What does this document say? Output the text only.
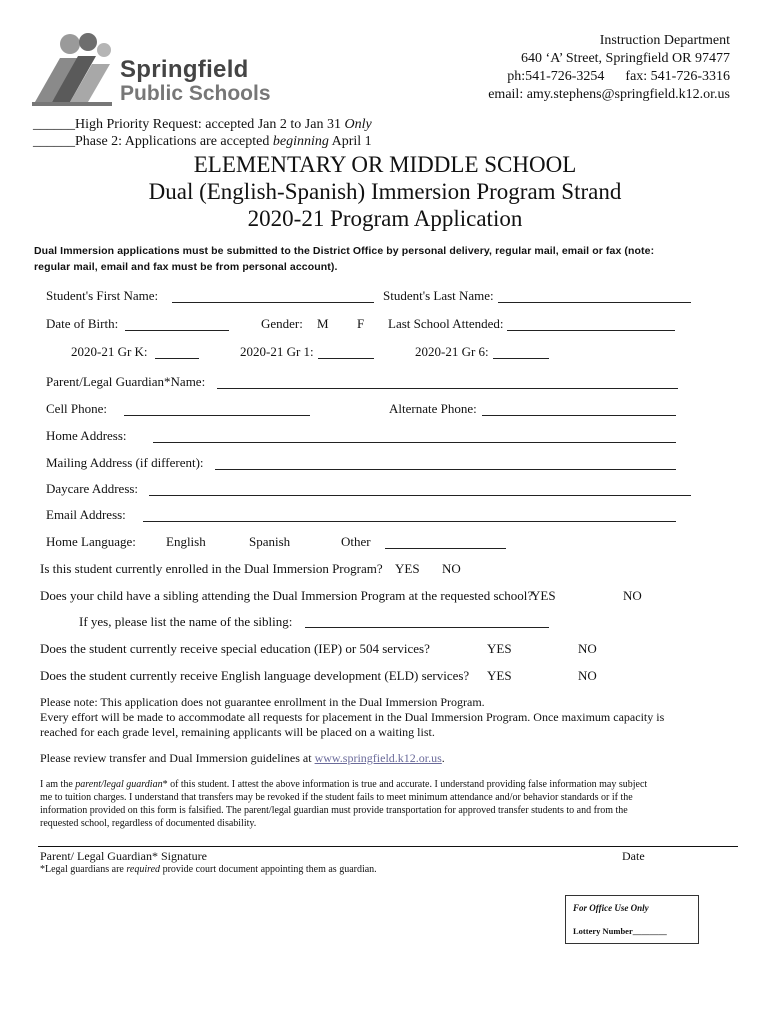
Springfield
Public Schools
Instruction Department
640 ‘A’ Street, Springfield OR 97477
ph:541-726-3254 fax: 541-726-3316
email: amy.stephens@springfield.k12.or.us
______High Priority Request: accepted Jan 2 to Jan 31 Only
______Phase 2: Applications are accepted beginning April 1
ELEMENTARY OR MIDDLE SCHOOL
Dual (English-Spanish) Immersion Program Strand
2020-21 Program Application
Dual Immersion applications must be submitted to the District Office by personal delivery, regular mail, email or fax (note:
regular mail, email and fax must be from personal account).
Student's First Name:	Student's Last Name:
Date of Birth:	Gender: M F Last School Attended:
2020-21 Gr K:	2020-21 Gr 1:	2020-21 Gr 6:
Parent/Legal Guardian*Name:
Cell Phone:	Alternate Phone:
Home Address:
Mailing Address (if different):
Daycare Address:
Email Address:
Home Language: English	Spanish	Other
Is this student currently enrolled in the Dual Immersion Program? YES NO
Does your child have a sibling attending the Dual Immersion Program at the requested school?
YES	NO
If yes, please list the name of the sibling:
Does the student currently receive special education (IEP) or 504 services?	YES	NO
Does the student currently receive English language development (ELD) services? YES	NO
Please note: This application does not guarantee enrollment in the Dual Immersion Program.
Every effort will be made to accommodate all requests for placement in the Dual Immersion Program. Once maximum capacity is
reached for each grade level, remaining applicants will be placed on a waiting list.
Please review transfer and Dual Immersion guidelines at www.springfield.k12.or.us.
I am the parent/legal guardian* of this student. I attest the above information is true and accurate. I understand providing false information may subject
me to tuition charges. I understand that transfers may be revoked if the student fails to meet minimum attendance and/or behavior standards or if the
information provided on this form is falsified. The parent/legal guardian must provide transportation for approved transfer students to and from the
requested school, regardless of documented disability.
Parent/ Legal Guardian* Signature	Date
*Legal guardians are required provide court document appointing them as guardian.
For Office Use Only
Lottery Number________
